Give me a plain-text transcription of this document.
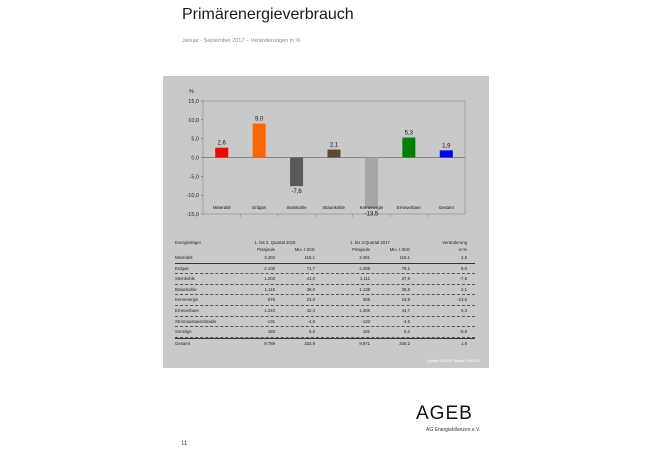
Primärenergieverbrauch
Januar - September 2017 – Veränderungen in %
%
15,0
10,0
5,0
0,0
-5,0
-10,0
-15,0
2,6
Mineralöl
9,0
Erdgas
-7,6
Steinkohle
2,1
Braunkohle
-13,5
Kernenergie
5,3
Erneuerbare
1,9
Gesamt
Energieträger	1. bis 3. Quartal 2016	1. bis 3.Quartal 2017	Veränderung
Petajoule	Mio. t SKE	Petajoule	Mio. t SKE	in %
Mineralöl	3.403	116,1	3.491	119,1	2,6
Erdgas	2.100	71,7	2.289	78,1	9,0
Steinkohle	1.203	41,0	1.111	37,9	-7,6
Braunkohle	1.115	38,0	1.138	38,8	2,1
Kernenergie	676	23,0	585	19,9	-13,5
Erneuerbare	1.243	42,4	1.309	44,7	5,3
Stromaustauschsaldo	-131	-4,5	-133	-4,5
Sonstige	183	6,2	181	6,2	-0,9
Gesamt	9.789	333,9	9.971	340,2	1,9
Quelle: AGEB, Stand: 10/2017
AGEB
AG Energiebilanzen e.V.
11
